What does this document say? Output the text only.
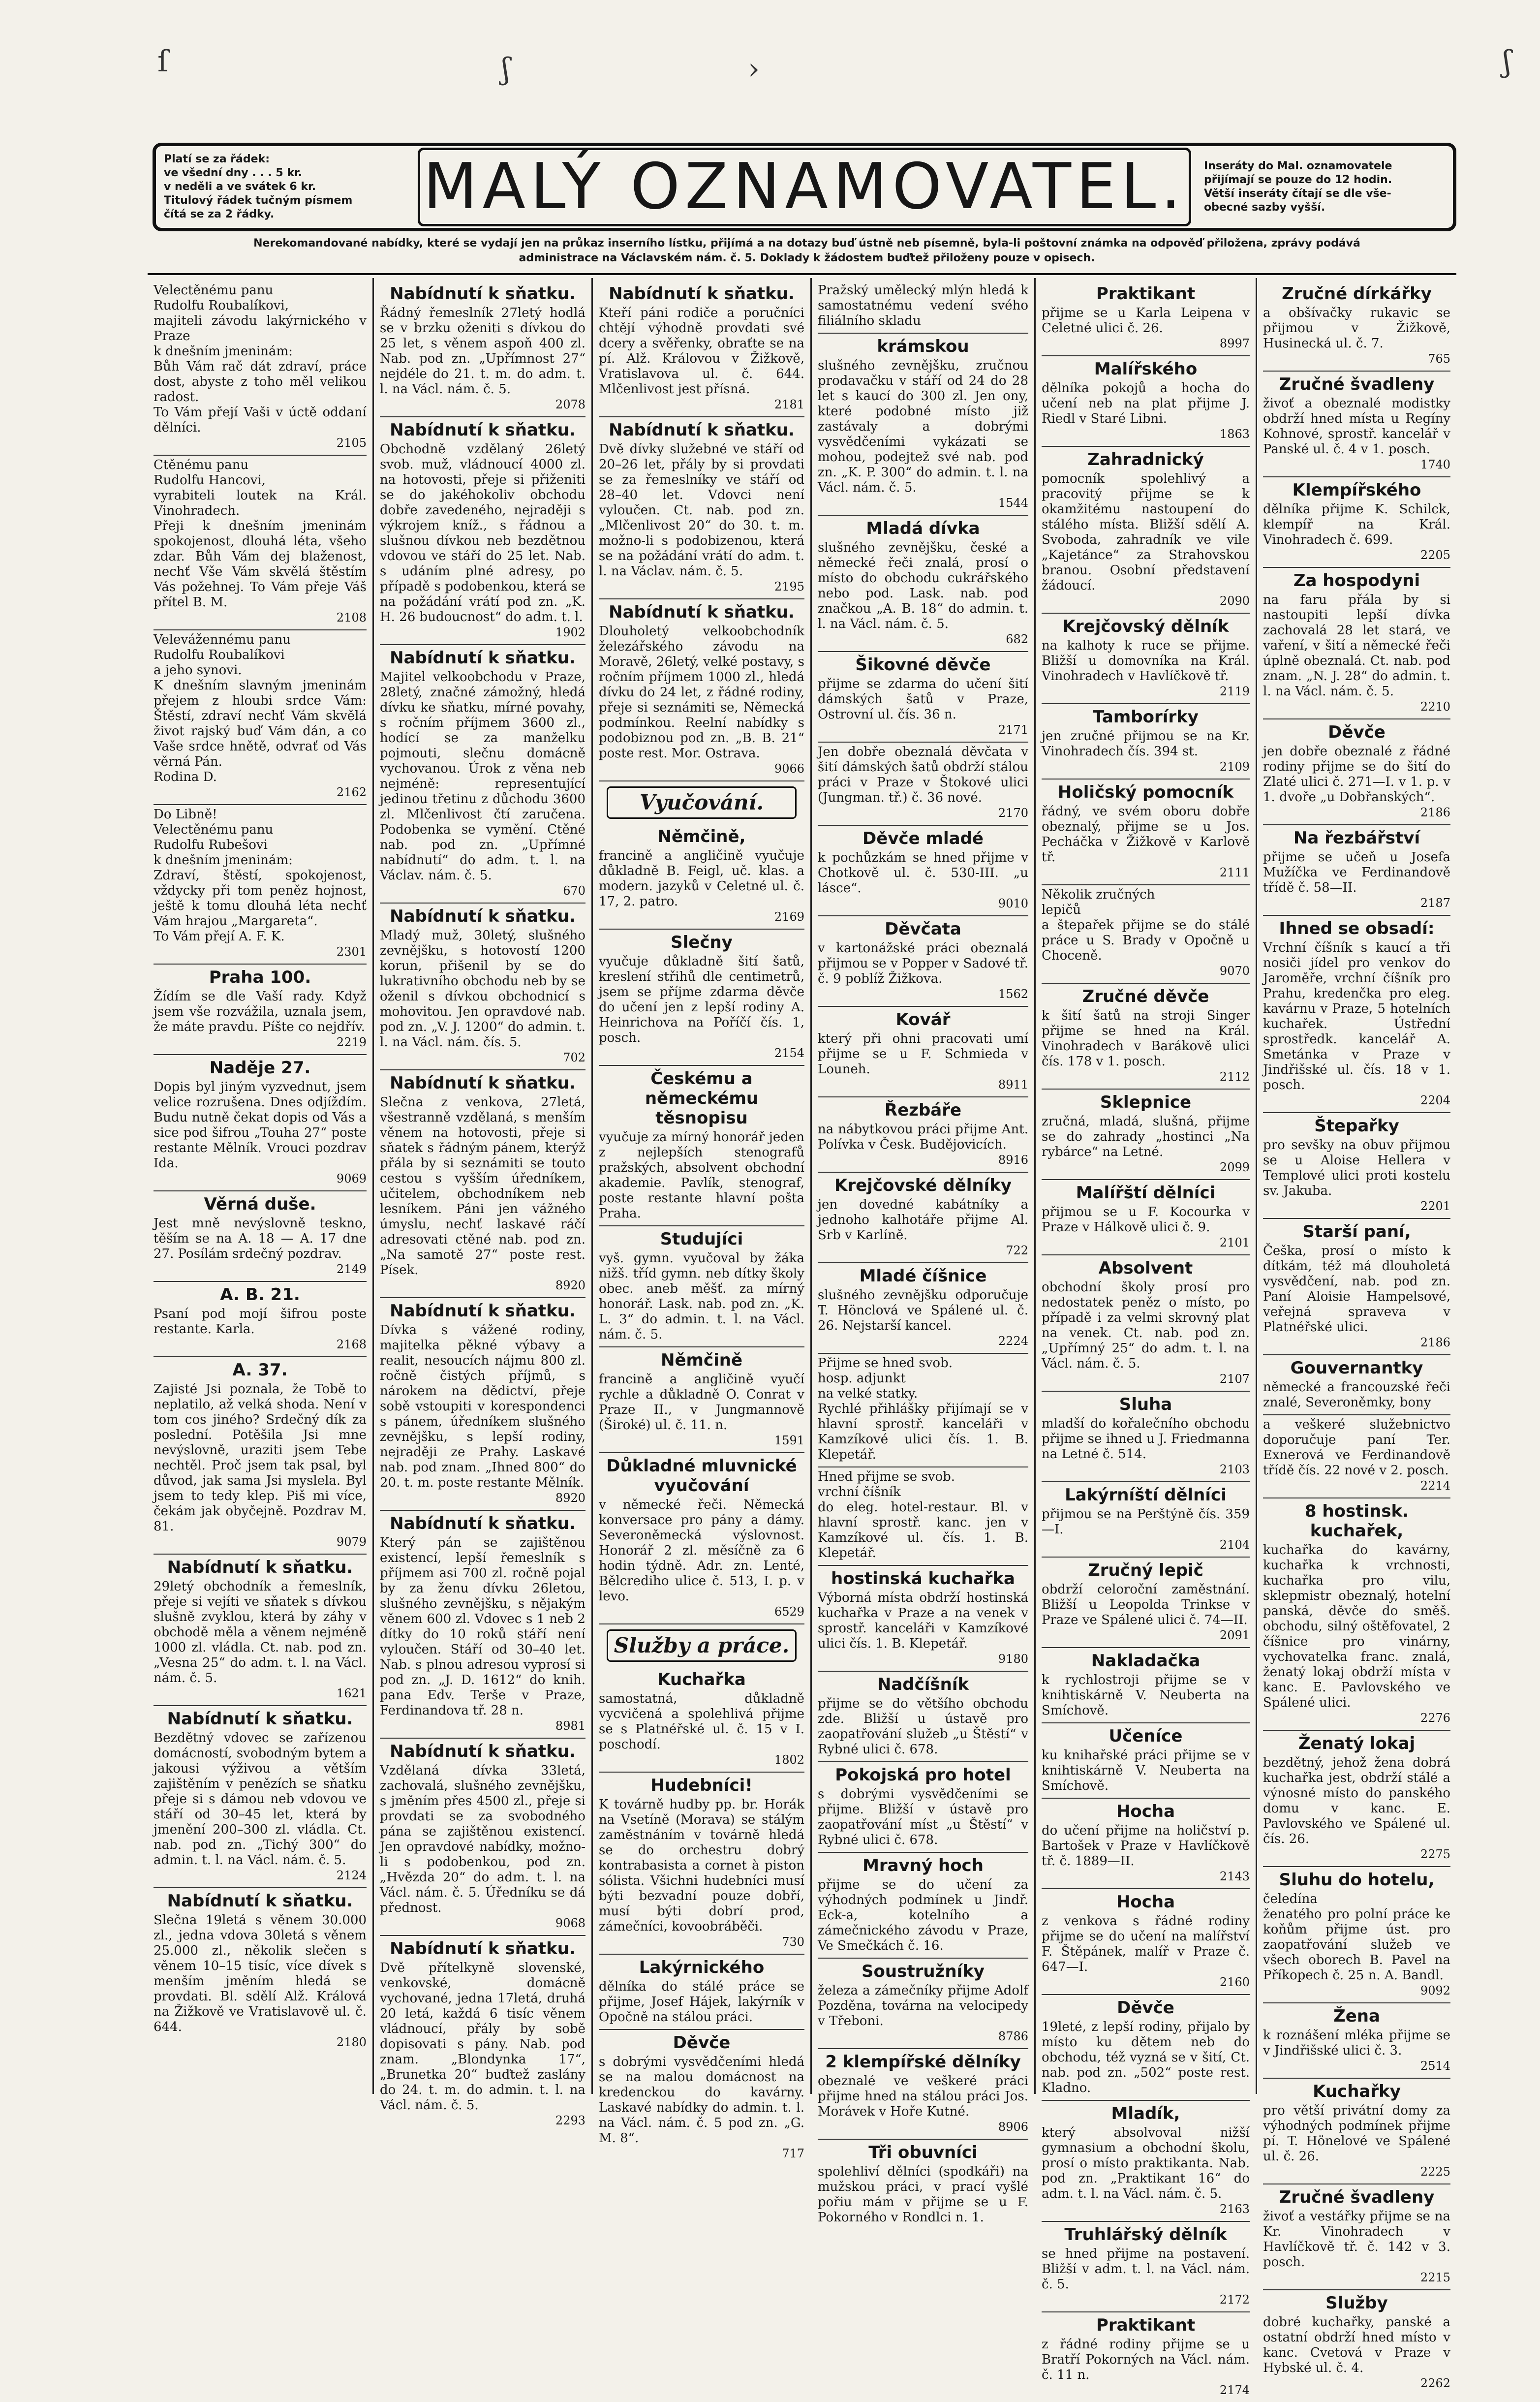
ſ	ʃ	›	ʃ

Platí se za řádek:
ve všední dny . . . 5 kr.
v neděli a ve svátek 6 kr.
Titulový řádek tučným písmem
čítá se za 2 řádky.	MALÝ OZNAMOVATEL.	Inseráty do Mal. oznamovatele
přijímají se pouze do 12 hodin.
Větší inseráty čítají se dle vše-
obecné sazby vyšší.

Nerekomandované nabídky, které se vydají jen na průkaz inserního lístku, přijímá a na dotazy buď ústně neb písemně, byla-li poštovní známka na odpověď přiložena, zprávy podává
administrace na Václavském nám. č. 5. Doklady k žádostem buďtež přiloženy pouze v opisech.

Velectěnému panu
Rudolfu Roubalíkovi,
majiteli závodu lakýrnického v Praze
k dnešním jmeninám:
Bůh Vám rač dát zdraví, práce dost, abyste z toho měl velikou radost.
To Vám přejí Vaši v úctě oddaní dělníci.

2105

Ctěnému panu
Rudolfu Hancovi,
vyrabiteli loutek na Král. Vinohradech.
Přeji k dnešním jmeninám spokojenost, dlouhá léta, všeho zdar. Bůh Vám dej blaženost, nechť Vše Vám skvělá štěstím Vás požehnej. To Vám přeje Váš přítel B. M.

2108

Velevážennému panu
Rudolfu Roubalíkovi
a jeho synovi.
K dnešním slavným jmeninám přejem z hloubi srdce Vám: Štěstí, zdraví nechť Vám skvělá život rajský buď Vám dán, a co Vaše srdce hnětě, odvrať od Vás věrná Pán.
Rodina D.

2162

Do Libně!
Velectěnému panu
Rudolfu Rubešovi
k dnešním jmeninám:
Zdraví, štěstí, spokojenost, vždycky při tom peněz hojnost, ještě k tomu dlouhá léta nechť Vám hrajou „Margareta“.
To Vám přejí A. F. K.

2301

Praha 100.

Žídím se dle Vaší rady. Když jsem vše rozvážila, uznala jsem, že máte pravdu. Píšte co nejdřív.

2219

Naděje 27.

Dopis byl jiným vyzvednut, jsem velice rozrušena. Dnes odjíždím. Budu nutně čekat dopis od Vás a sice pod šifrou „Touha 27“ poste restante Mělník. Vrouci pozdrav Ida.

9069

Věrná duše.

Jest mně nevýslovně teskno, těším se na A. 18 — A. 17 dne 27. Posílám srdečný pozdrav.

2149

A. B. 21.

Psaní pod mojí šifrou poste restante. Karla.

2168

A. 37.

Zajisté Jsi poznala, že Tobě to neplatilo, až velká shoda. Není v tom cos jiného? Srdečný dík za poslední. Potěšila Jsi mne nevýslovně, uraziti jsem Tebe nechtěl. Proč jsem tak psal, byl důvod, jak sama Jsi myslela. Byl jsem to tedy klep. Piš mi více, čekám jak obyčejně. Pozdrav M. 81.

9079

Nabídnutí k sňatku.

29letý obchodník a řemeslník, přeje si vejíti ve sňatek s dívkou slušně zvyklou, která by záhy v obchodě měla a věnem nejméně 1000 zl. vládla. Ct. nab. pod zn. „Vesna 25“ do adm. t. l. na Václ. nám. č. 5.

1621

Nabídnutí k sňatku.

Bezdětný vdovec se zařízenou domácností, svobodným bytem a jakousi výživou a větším zajištěním v penězích se sňatku přeje si s dámou neb vdovou ve stáří od 30–45 let, která by jmenění 200–300 zl. vládla. Ct. nab. pod zn. „Tichý 300“ do admin. t. l. na Václ. nám. č. 5.

2124

Nabídnutí k sňatku.

Slečna 19letá s věnem 30.000 zl., jedna vdova 30letá s věnem 25.000 zl., několik slečen s věnem 10–15 tisíc, více dívek s menším jměním hledá se provdati. Bl. sdělí Alž. Králová na Žižkově ve Vratislavově ul. č. 644.

2180

Nabídnutí k sňatku.

Řádný řemeslník 27letý hodlá se v brzku oženiti s dívkou do 25 let, s věnem aspoň 400 zl. Nab. pod zn. „Upřímnost 27“ nejdéle do 21. t. m. do adm. t. l. na Václ. nám. č. 5.

2078

Nabídnutí k sňatku.

Obchodně vzdělaný 26letý svob. muž, vládnoucí 4000 zl. na hotovosti, přeje si přiženiti se do jakéhokoliv obchodu dobře zavedeného, nejraději s výkrojem kníž., s řádnou a slušnou dívkou neb bezdětnou vdovou ve stáří do 25 let. Nab. s udáním plné adresy, po případě s podobenkou, která se na požádání vrátí pod zn. „K. H. 26 budoucnost“ do adm. t. l.

1902

Nabídnutí k sňatku.

Majitel velkoobchodu v Praze, 28letý, značné zámožný, hledá dívku ke sňatku, mírné povahy, s ročním příjmem 3600 zl., hodící se za manželku pojmouti, slečnu domácně vychovanou. Úrok z věna neb nejméně: representující jedinou třetinu z důchodu 3600 zl. Mlčenlivost čtí zaručena. Podobenka se vymění. Ctěné nab. pod zn. „Upřímné nabídnutí“ do adm. t. l. na Václav. nám. č. 5.

670

Nabídnutí k sňatku.

Mladý muž, 30letý, slušného zevnějšku, s hotovostí 1200 korun, přišenil by se do lukrativního obchodu neb by se oženil s dívkou obchodnicí s mohovitou. Jen opravdové nab. pod zn. „V. J. 1200“ do admin. t. l. na Václ. nám. čís. 5.

702

Nabídnutí k sňatku.

Slečna z venkova, 27letá, všestranně vzdělaná, s menším věnem na hotovosti, přeje si sňatek s řádným pánem, kterýž přála by si seznámiti se touto cestou s vyšším úředníkem, učitelem, obchodníkem neb lesníkem. Páni jen vážného úmyslu, nechť laskavé ráčí adresovati ctěné nab. pod zn. „Na samotě 27“ poste rest. Písek.

8920

Nabídnutí k sňatku.

Dívka s vážené rodiny, majitelka pěkné výbavy a realit, nesoucích nájmu 800 zl. ročně čistých příjmů, s nárokem na dědictví, přeje sobě vstoupiti v korespondenci s pánem, úředníkem slušného zevnějšku, s lepší rodiny, nejraději ze Prahy. Laskavé nab. pod znam. „Ihned 800“ do 20. t. m. poste restante Mělník.

8920

Nabídnutí k sňatku.

Který pán se zajištěnou existencí, lepší řemeslník s příjmem asi 700 zl. ročně pojal by za ženu dívku 26letou, slušného zevnějšku, s nějakým věnem 600 zl. Vdovec s 1 neb 2 dítky do 10 roků stáří není vyloučen. Stáří od 30–40 let. Nab. s plnou adresou vyprosí si pod zn. „J. D. 1612“ do knih. pana Edv. Terše v Praze, Ferdinandova tř. 28 n.

8981

Nabídnutí k sňatku.

Vzdělaná dívka 33letá, zachovalá, slušného zevnějšku, s jměním přes 4500 zl., přeje si provdati se za svobodného pána se zajištěnou existencí. Jen opravdové nabídky, možno-li s podobenkou, pod zn. „Hvězda 20“ do adm. t. l. na Václ. nám. č. 5. Úředníku se dá přednost.

9068

Nabídnutí k sňatku.

Dvě přítelkyně slovenské, venkovské, domácně vychované, jedna 17letá, druhá 20 letá, každá 6 tisíc věnem vládnoucí, přály by sobě dopisovati s pány. Nab. pod znam. „Blondynka 17“, „Brunetka 20“ buďtež zaslány do 24. t. m. do admin. t. l. na Václ. nám. č. 5.

2293

Nabídnutí k sňatku.

Kteří páni rodiče a poručníci chtějí výhodně provdati své dcery a svěřenky, obraťte se na pí. Alž. Královou v Žižkově, Vratislavova ul. č. 644. Mlčenlivost jest přísná.

2181

Nabídnutí k sňatku.

Dvě dívky služebné ve stáří od 20–26 let, přály by si provdati se za řemeslníky ve stáří od 28–40 let. Vdovci není vyloučen. Ct. nab. pod zn. „Mlčenlivost 20“ do 30. t. m. možno-li s podobizenou, která se na požádání vrátí do adm. t. l. na Václav. nám. č. 5.

2195

Nabídnutí k sňatku.

Dlouholetý velkoobchodník železářského závodu na Moravě, 26letý, velké postavy, s ročním příjmem 1000 zl., hledá dívku do 24 let, z řádné rodiny, přeje si seznámiti se, Německá podmínkou. Reelní nabídky s podobiznou pod zn. „B. B. 21“ poste rest. Mor. Ostrava.

9066

Vyučování.
Němčině,

francině a angličině vyučuje důkladně B. Feigl, uč. klas. a modern. jazyků v Celetné ul. č. 17, 2. patro.

2169

Slečny

vyučuje důkladně šití šatů, kreslení střihů dle centimetrů, jsem se příjme zdarma děvče do učení jen z lepší rodiny A. Heinrichova na Poříčí čís. 1, posch.

2154

Českému a německému těsnopisu

vyučuje za mírný honorář jeden z nejlepších stenografů pražských, absolvent obchodní akademie. Pavlík, stenograf, poste restante hlavní pošta Praha.

Studujíci

vyš. gymn. vyučoval by žáka nižš. tříd gymn. neb dítky školy obec. aneb měšť. za mírný honorář. Lask. nab. pod zn. „K. L. 3“ do admin. t. l. na Václ. nám. č. 5.

Němčině

francině a angličině vyučí rychle a důkladně O. Conrat v Praze II., v Jungmannově (Široké) ul. č. 11. n.

1591

Důkladné mluvnické vyučování

v německé řeči. Německá konversace pro pány a dámy. Severoněmecká výslovnost. Honorář 2 zl. měsíčně za 6 hodin týdně. Adr. zn. Lenté, Bělcrediho ulice č. 513, I. p. v levo.

6529

Služby a práce.
Kuchařka

samostatná, důkladně vycvičená a spolehlivá přijme se s Platnéřské ul. č. 15 v I. poschodí.

1802

Hudebníci!

K továrně hudby pp. br. Horák na Vsetíně (Morava) se stálým zaměstnáním v továrně hledá se do orchestru dobrý kontrabasista a cornet à piston sólista. Všichni hudebníci musí býti bezvadní pouze dobří, musí býti dobrí prod, zámečníci, kovoobráběči.

730

Lakýrnického

dělníka do stálé práce se přijme, Josef Hájek, lakýrník v Opočně na stálou práci.

Děvče

s dobrými vysvědčeními hledá se na malou domácnost na kredenckou do kavárny. Laskavé nabídky do admin. t. l. na Václ. nám. č. 5 pod zn. „G. M. 8“.

717

Pražský umělecký mlýn hledá k samostatnému vedení svého filiálního skladu

krámskou

slušného zevnějšku, zručnou prodavačku v stáří od 24 do 28 let s kaucí do 300 zl. Jen ony, které podobné místo již zastávaly a dobrými vysvědčeními vykázati se mohou, podejtež své nab. pod zn. „K. P. 300“ do admin. t. l. na Václ. nám. č. 5.

1544

Mladá dívka

slušného zevnějšku, české a německé řeči znalá, prosí o místo do obchodu cukrářského nebo pod. Lask. nab. pod značkou „A. B. 18“ do admin. t. l. na Václ. nám. č. 5.

682

Šikovné děvče

přijme se zdarma do učení šití dámských šatů v Praze, Ostrovní ul. čís. 36 n.

2171

Jen dobře obeznalá děvčata v šití dámských šatů obdrží stálou práci v Praze v Štokové ulici (Jungman. tř.) č. 36 nové.

2170

Děvče mladé

k pochůzkám se hned přijme v Chotkově ul. č. 530-III. „u lásce“.

9010

Děvčata

v kartonážské práci obeznalá přijmou se v Popper v Sadové tř. č. 9 poblíž Žižkova.

1562

Kovář

který při ohni pracovati umí přijme se u F. Schmiedа v Louneh.

8911

Řezbáře

na nábytkovou práci přijme Ant. Polívka v Česk. Budějovicích.

8916

Krejčovské dělníky

jen dovedné kabátníky a jednoho kalhotáře přijme Al. Srb v Karlíně.

722

Mladé číšnice

slušného zevnějšku odporučuje T. Hönclová ve Spálené ul. č. 26. Nejstarší kancel.

2224

Přijme se hned svob.
hosp. adjunkt
na velké statky.
Rychlé přihlášky přijímají se v hlavní sprostř. kanceláři v Kamzíkové ulici čís. 1. B. Klepetář.

Hned přijme se svob.
vrchní číšník
do eleg. hotel-restaur. Bl. v hlavní sprostř. kanc. jen v Kamzíkové ul. čís. 1. B. Klepetář.

hostinská kuchařka

Výborná místa obdrží hostinská kuchařka v Praze a na venek v sprostř. kanceláři v Kamzíkové ulici čís. 1. B. Klepetář.

9180

Nadčíšník

přijme se do většího obchodu zde. Bližší u ústavě pro zaopatřování služeb „u Štěstí“ v Rybné ulici č. 678.

Pokojská pro hotel

s dobrými vysvědčeními se přijme. Bližší v ústavě pro zaopatřování míst „u Štěstí“ v Rybné ulici č. 678.

Mravný hoch

přijme se do učení za výhodných podmínek u Jindř. Eck-a, kotelního a zámečnického závodu v Praze, Ve Smečkách č. 16.

Soustružníky

železa a zámečníky přijme Adolf Pozděna, továrna na velocipedy v Třeboni.

8786

2 klempířské dělníky

obeznalé ve veškeré práci přijme hned na stálou práci Jos. Morávek v Hoře Kutné.

8906

Tři obuvníci

spolehliví dělníci (spodkáři) na mužskou práci, v prací vyšlé pořiu mám v přijme se u F. Pokorného v Rondlci n. 1.

Praktikant

přijme se u Karla Leipena v Celetné ulici č. 26.

8997

Malířského

dělníka pokojů a hocha do učení neb na plat přijme J. Riedl v Staré Libni.

1863

Zahradnický

pomocník spolehlivý a pracovitý přijme se k okamžitému nastoupení do stálého místa. Bližší sdělí A. Svoboda, zahradník ve vile „Kajetánce“ za Strahovskou branou. Osobní představení žádoucí.

2090

Krejčovský dělník

na kalhoty k ruce se přijme. Bližší u domovníka na Král. Vinohradech v Havlíčkově tř.

2119

Tamborírky

jen zručné přijmou se na Kr. Vinohradech čís. 394 st.

2109

Holičský pomocník

řádný, ve svém oboru dobře obeznalý, přijme se u Jos. Pecháčka v Žižkově v Karlově tř.

2111

Několik zručných
lepičů
a štepařek přijme se do stálé práce u S. Brady v Opočně u Choceně.

9070

Zručné děvče

k šití šatů na stroji Singer přijme se hned na Král. Vinohradech v Barákově ulici čís. 178 v 1. posch.

2112

Sklepnice

zručná, mladá, slušná, přijme se do zahrady „hostinci „Na rybárce“ na Letné.

2099

Malířští dělníci

přijmou se u F. Kocourka v Praze v Hálkově ulici č. 9.

2101

Absolvent

obchodní školy prosí pro nedostatek peněz o místo, po případě i za velmi skrovný plat na venek. Ct. nab. pod zn. „Upřímný 25“ do adm. t. l. na Václ. nám. č. 5.

2107

Sluha

mladší do kořalečního obchodu přijme se ihned u J. Friedmanna na Letné č. 514.

2103

Lakýrníští dělníci

přijmou se na Perštýně čís. 359—I.

2104

Zručný lepič

obdrží celoroční zaměstnání. Bližší u Leopolda Trinkse v Praze ve Spálené ulici č. 74—II.

2091

Nakladačka

k rychlostroji přijme se v knihtiskárně V. Neuberta na Smíchově.

Učeníce

ku knihařské práci přijme se v knihtiskárně V. Neuberta na Smíchově.

Hocha

do učení přijme na holičství p. Bartošek v Praze v Havlíčkově tř. č. 1889—II.

2143

Hocha

z venkova s řádné rodiny přijme se do učení na malířství F. Štěpánek, malíř v Praze č. 647—I.

2160

Děvče

19leté, z lepší rodiny, přijalo by místo ku dětem neb do obchodu, též vyzná se v šití, Ct. nab. pod zn. „502“ poste rest. Kladno.

Mladík,

který absolvoval nižší gymnasium a obchodní školu, prosí o místo praktikanta. Nab. pod zn. „Praktikant 16“ do adm. t. l. na Václ. nám. č. 5.

2163

Truhlářský dělník

se hned přijme na postavení. Bližší v adm. t. l. na Václ. nám. č. 5.

2172

Praktikant

z řádné rodiny přijme se u Bratří Pokorných na Václ. nám. č. 11 n.

2174

Zručné dírkářky

a obšívačky rukavic se přijmou v Žižkově, Husinecká ul. č. 7.

765

Zručné švadleny

živoť a obeznalé modistky obdrží hned místa u Regíny Kohnové, sprostř. kancelář v Panské ul. č. 4 v 1. posch.

1740

Klempířského

dělníka přijme K. Schilck, klempíř na Král. Vinohradech č. 699.

2205

Za hospodyni

na faru přála by si nastoupiti lepší dívka zachovalá 28 let stará, ve vaření, v šití a německé řeči úplně obeznalá. Ct. nab. pod znam. „N. J. 28“ do admin. t. l. na Václ. nám. č. 5.

2210

Děvče

jen dobře obeznalé z řádné rodiny přijme se do šití do Zlaté ulici č. 271—I. v 1. p. v 1. dvoře „u Dobřanských“.

2186

Na řezbářství

přijme se učeň u Josefa Mužíčka ve Ferdinandově třídě č. 58—II.

2187

Ihned se obsadí:

Vrchní číšník s kaucí a tři nosiči jídel pro venkov do Jaroměře, vrchní číšník pro Prahu, kredenčka pro eleg. kavárnu v Praze, 5 hotelních kuchařek. Ústřední sprostředk. kancelář A. Smetánka v Praze v Jindřišské ul. čís. 18 v 1. posch.

2204

Štepařky

pro sevšky na obuv přijmou se u Aloise Hellera v Templové ulici proti kostelu sv. Jakuba.

2201

Starší paní,

Češka, prosí o místo k dítkám, též má dlouholetá vysvědčení, nab. pod zn. Paní Aloisie Hampelsové, veřejná spraveva v Platnéřské ulici.

2186

Gouvernantky

německé a francouzské řeči znalé, Severoněmky, bony

a veškeré služebnictvo doporučuje paní Ter. Exnerová ve Ferdinandově třídě čís. 22 nové v 2. posch.

2214

8 hostinsk. kuchařek,

kuchařka do kavárny, kuchařka k vrchnosti, kuchařka pro vilu, sklepmistr obeznalý, hotelní panská, děvče do směš. obchodu, silný oštěfovatel, 2 číšnice pro vinárny, vychovatelka franc. znalá, ženatý lokaj obdrží místa v kanc. E. Pavlovského ve Spálené ulici.

2276

Ženatý lokaj

bezdětný, jehož žena dobrá kuchařka jest, obdrží stálé a výnosné místo do panského domu v kanc. E. Pavlovského ve Spálené ul. čís. 26.

2275

Sluhu do hotelu,

čeledína
ženatého pro polní práce ke koňům přijme úst. pro zaopatřování služeb ve všech oborech B. Pavel na Příkopech č. 25 n. A. Bandl.

9092

Žena

k roznášení mléka přijme se v Jindřišské ulici č. 3.

2514

Kuchařky

pro větší privátní domy za výhodných podmínek přijme pí. T. Hönelové ve Spálené ul. č. 26.

2225

Zručné švadleny

živoť a vestářky přijme se na Kr. Vinohradech v Havlíčkově tř. č. 142 v 3. posch.

2215

Služby

dobré kuchařky, panské a ostatní obdrží hned místo v kanc. Cvetová v Praze v Hybské ul. č. 4.

2262
